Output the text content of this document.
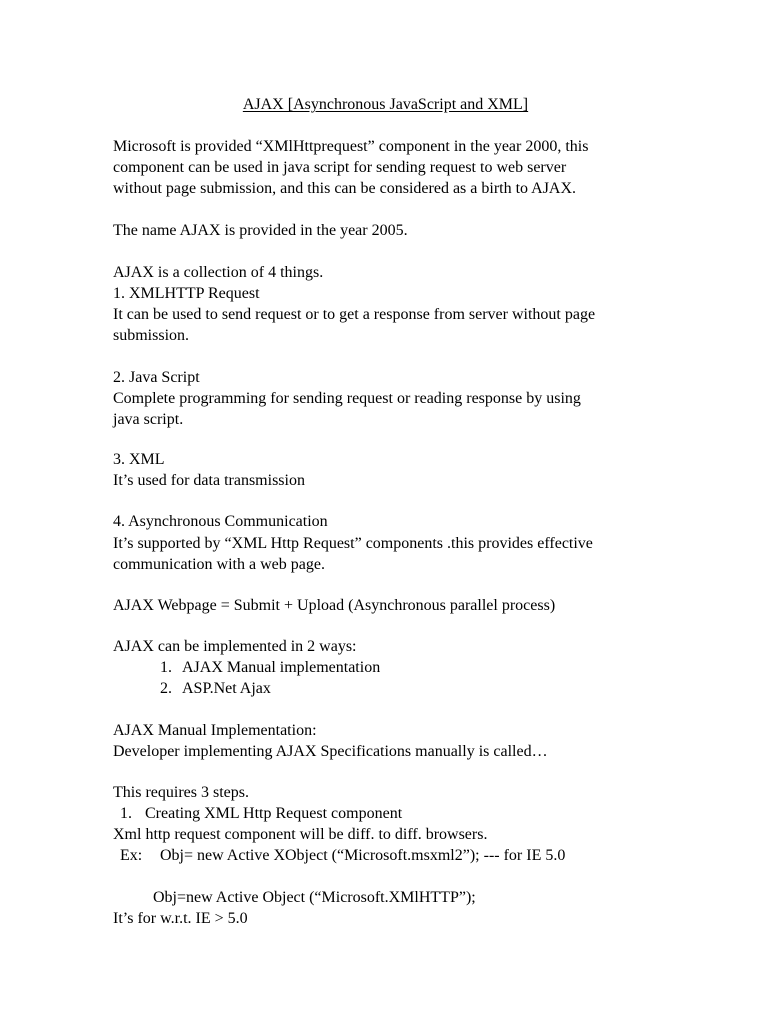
AJAX [Asynchronous JavaScript and XML]

Microsoft is provided “XMlHttprequest” component in the year 2000, this

component can be used in java script for sending request to web server

without page submission, and this can be considered as a birth to AJAX.

The name AJAX is provided in the year 2005.

AJAX is a collection of 4 things.

1. XMLHTTP Request

It can be used to send request or to get a response from server without page

submission.

2. Java Script

Complete programming for sending request or reading response by using

java script.

3. XML

It’s used for data transmission

4. Asynchronous Communication

It’s supported by “XML Http Request” components .this provides effective

communication with a web page.

AJAX Webpage = Submit + Upload (Asynchronous parallel process)

AJAX can be implemented in 2 ways:

1. AJAX Manual implementation

2. ASP.Net Ajax

AJAX Manual Implementation:

Developer implementing AJAX Specifications manually is called…

This requires 3 steps.

1. Creating XML Http Request component

Xml http request component will be diff. to diff. browsers.

Ex: Obj= new Active XObject (“Microsoft.msxml2”); --- for IE 5.0

Obj=new Active Object (“Microsoft.XMlHTTP”);

It’s for w.r.t. IE > 5.0
